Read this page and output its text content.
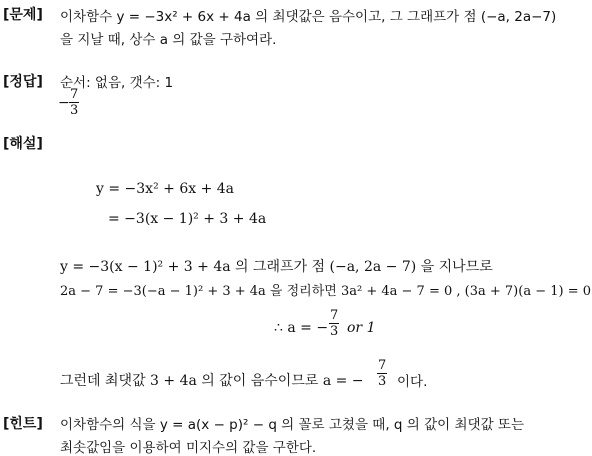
[문제] 이차함수 y = −3x² + 6x + 4a 의 최댓값은 음수이고, 그 그래프가 점 (−a, 2a−7)
을 지날 때, 상수 a 의 값을 구하여라.
[정답] 순서: 없음, 갯수: 1
− $\frac{7}{3}$
[해설]
y = −3x² + 6x + 4a
= −3(x − 1)² + 3 + 4a
y = −3(x − 1)² + 3 + 4a 의 그래프가 점 (−a, 2a − 7) 을 지나므로
2a − 7 = −3(−a − 1)² + 3 + 4a 을 정리하면 3a² + 4a − 7 = 0 , (3a + 7)(a − 1) = 0
∴ a = − $\frac{7}{3}$ or 1
그런데 최댓값 3 + 4a 의 값이 음수이므로 a = − $\frac{7}{3}$ 이다.
[힌트] 이차함수의 식을 y = a(x − p)² − q 의 꼴로 고쳤을 때, q 의 값이 최댓값 또는
최솟값임을 이용하여 미지수의 값을 구한다.
